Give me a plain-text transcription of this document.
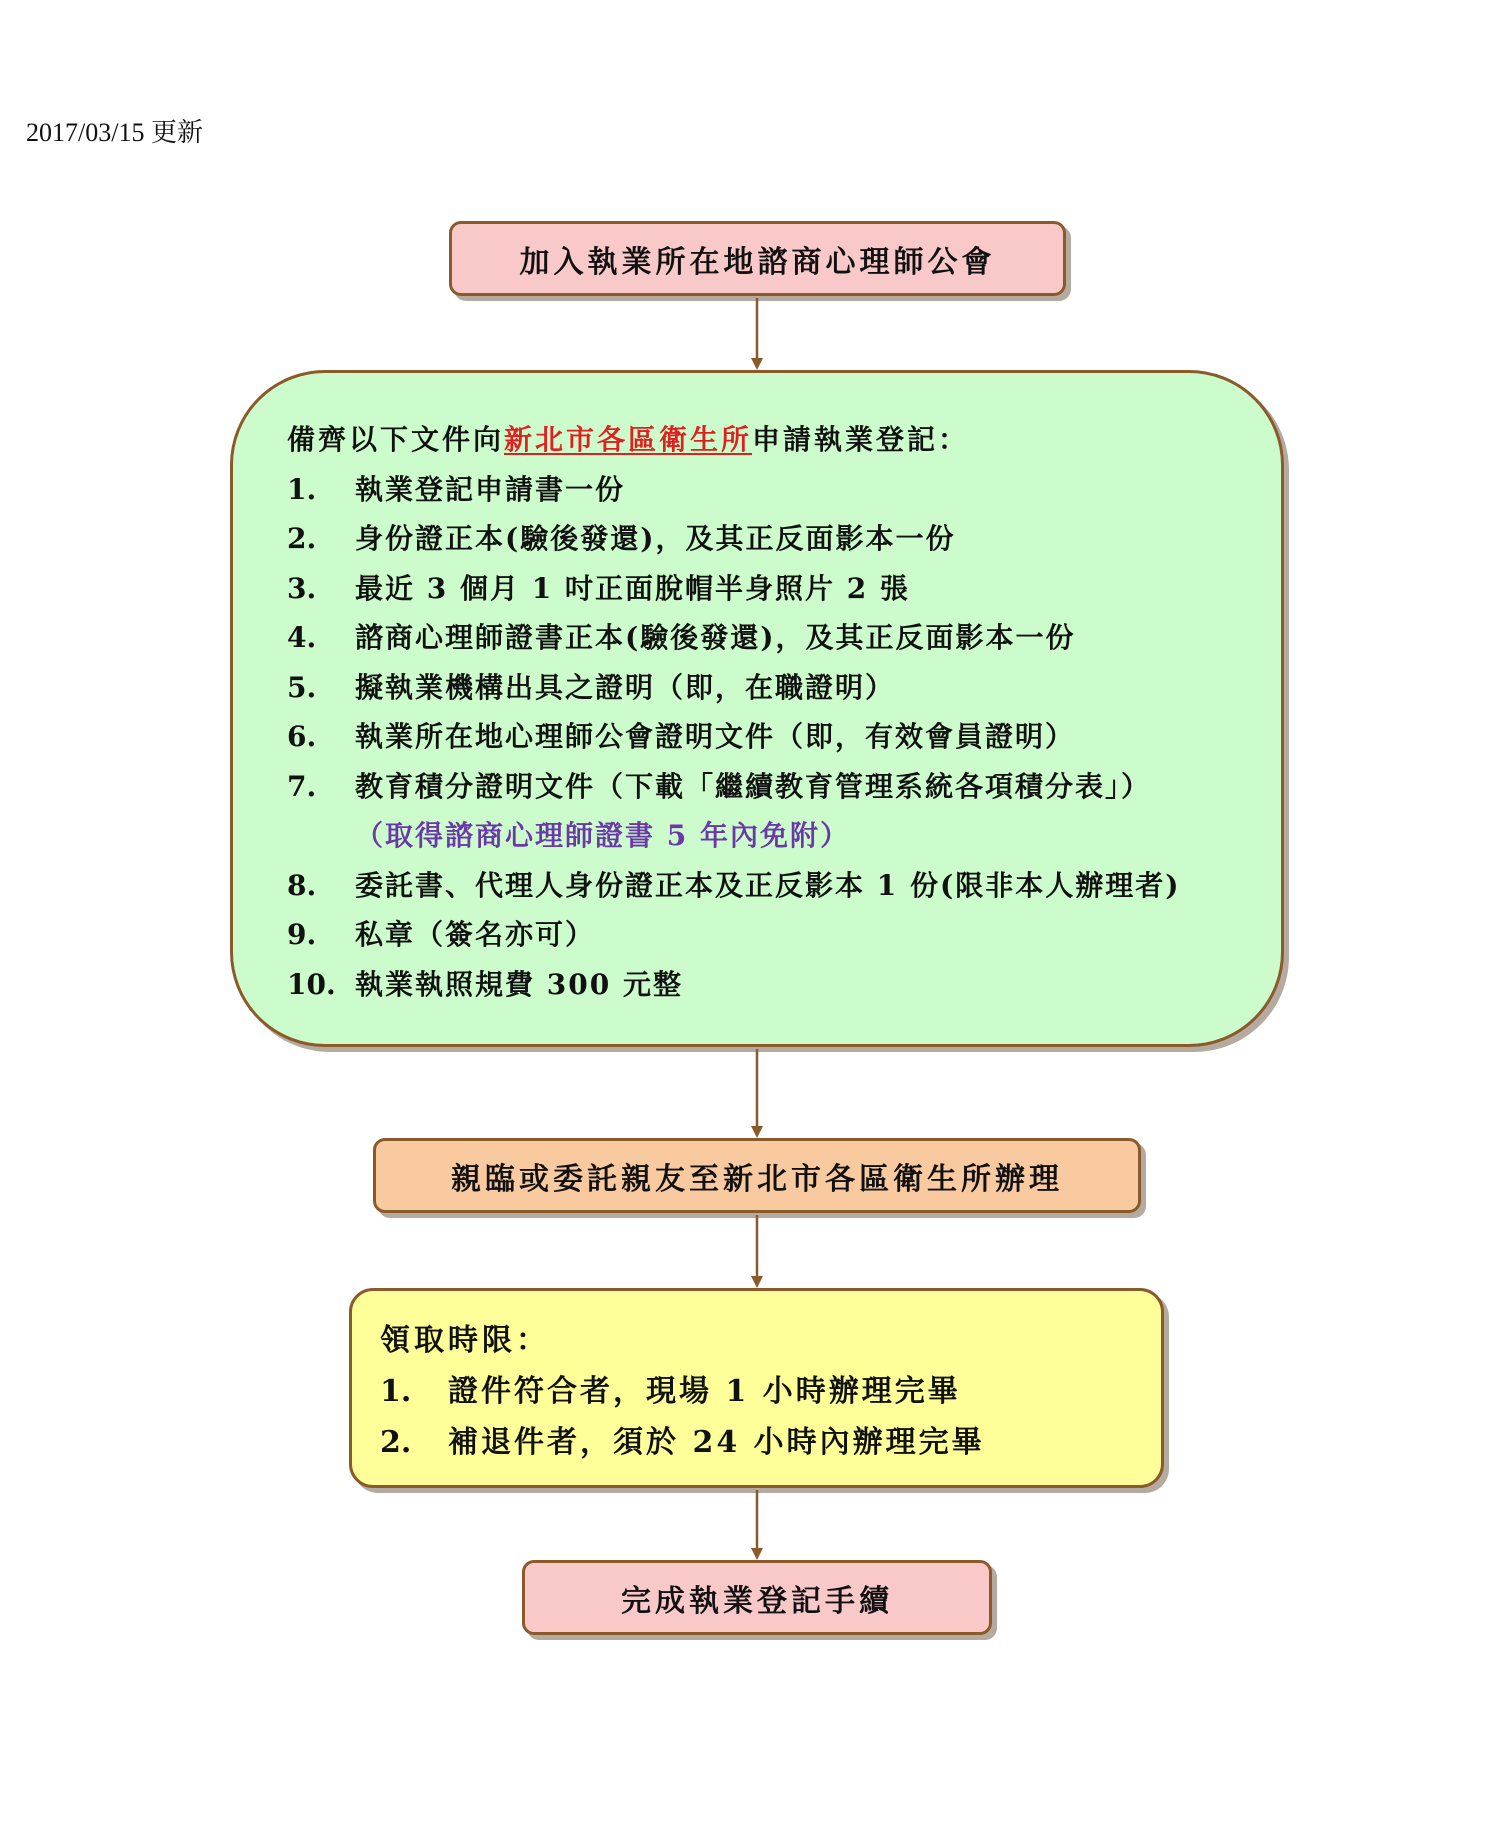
2017/03/15 更新
加入執業所在地諮商心理師公會
備齊以下文件向新北市各區衛生所申請執業登記：
1.	執業登記申請書一份
2.	身份證正本(驗後發還)，及其正反面影本一份
3.	最近 3 個月 1 吋正面脫帽半身照片 2 張
4.	諮商心理師證書正本(驗後發還)，及其正反面影本一份
5.	擬執業機構出具之證明（即，在職證明）
6.	執業所在地心理師公會證明文件（即，有效會員證明）
7.	教育積分證明文件（下載「繼續教育管理系統各項積分表」）
（取得諮商心理師證書 5 年內免附）
8.	委託書、代理人身份證正本及正反影本 1 份(限非本人辦理者)
9.	私章（簽名亦可）
10. 執業執照規費 300 元整
親臨或委託親友至新北市各區衛生所辦理
領取時限：
1.	證件符合者，現場 1 小時辦理完畢
2.	補退件者，須於 24 小時內辦理完畢
完成執業登記手續
